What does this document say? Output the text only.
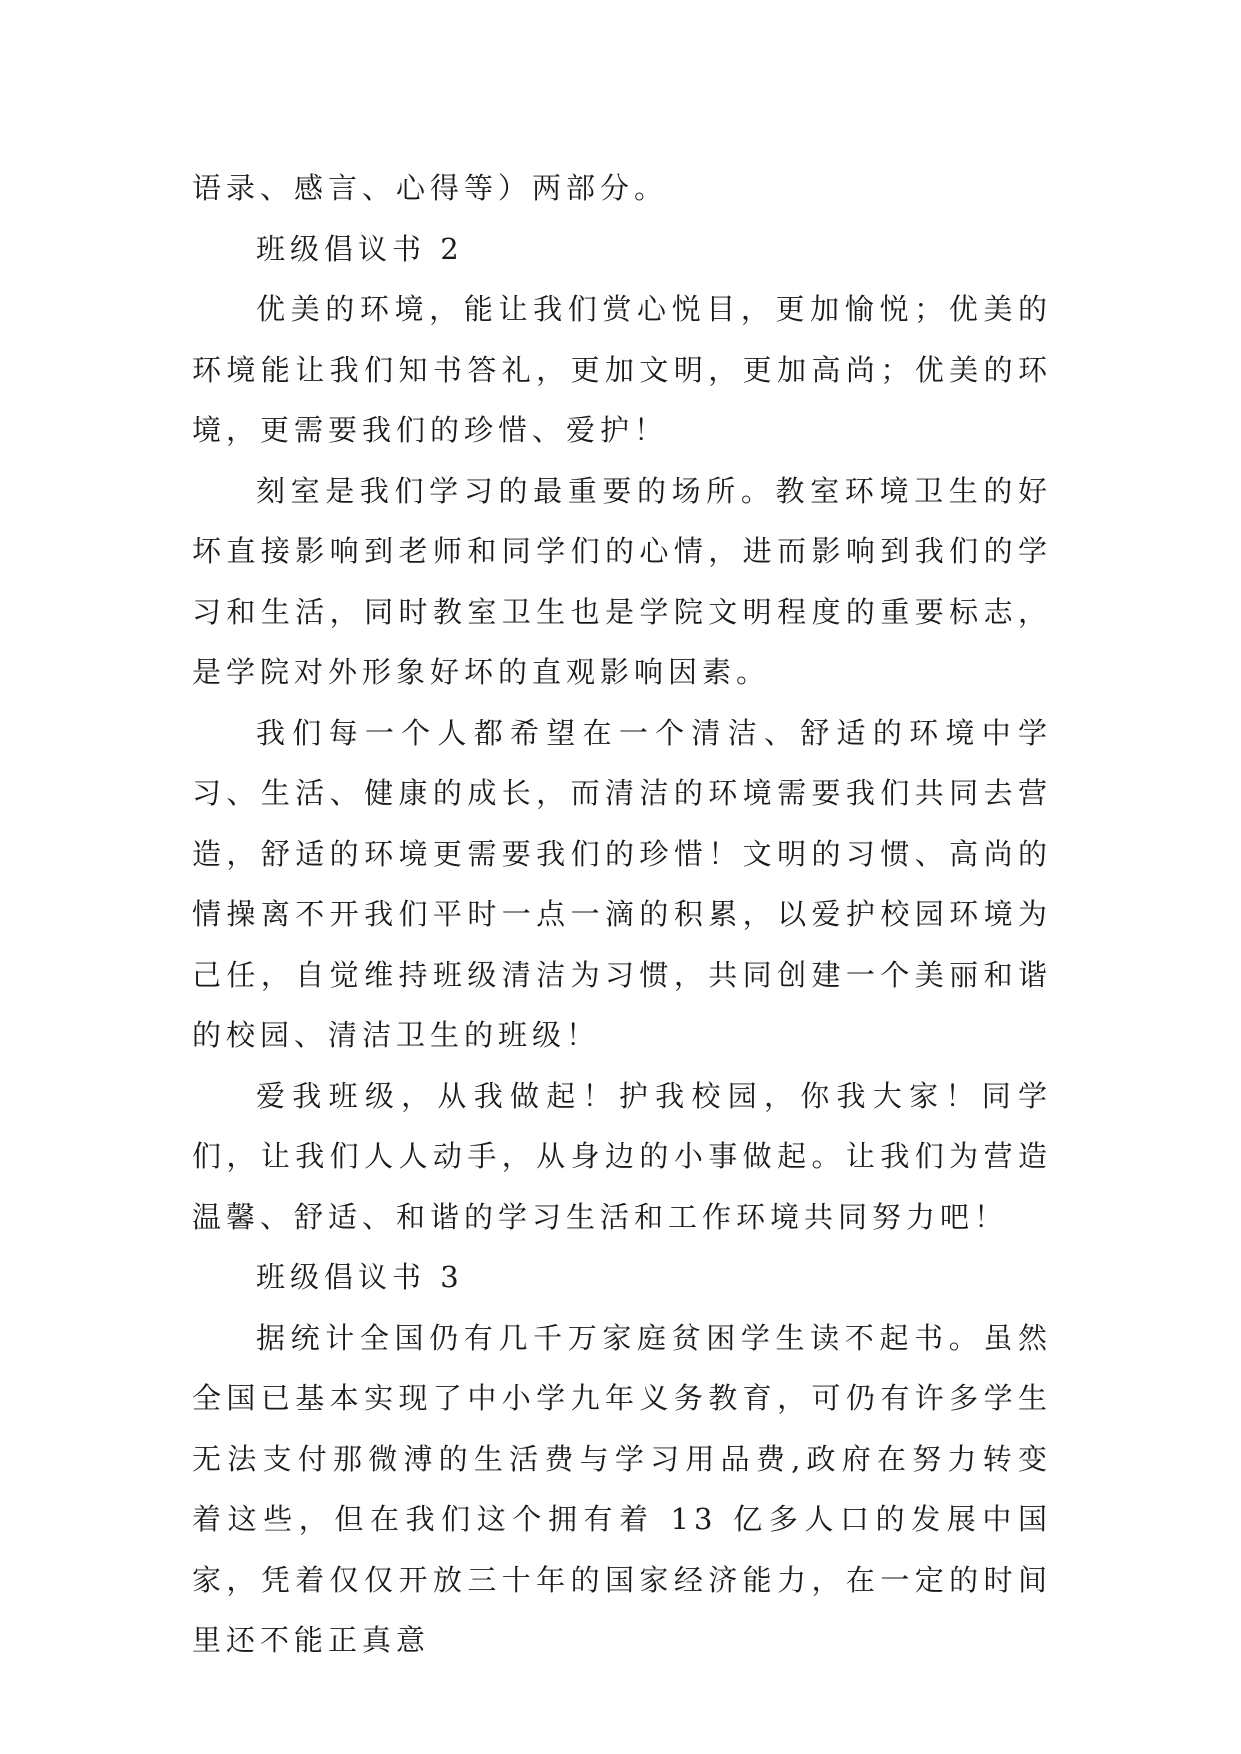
语录、感言、心得等）两部分。

班级倡议书 2

优美的环境，能让我们赏心悦目，更加愉悦；优美的环境能让我们知书答礼，更加文明，更加高尚；优美的环境，更需要我们的珍惜、爱护！

刻室是我们学习的最重要的场所。教室环境卫生的好坏直接影响到老师和同学们的心情，进而影响到我们的学习和生活，同时教室卫生也是学院文明程度的重要标志，是学院对外形象好坏的直观影响因素。

我们每一个人都希望在一个清洁、舒适的环境中学习、生活、健康的成长，而清洁的环境需要我们共同去营造，舒适的环境更需要我们的珍惜！文明的习惯、高尚的情操离不开我们平时一点一滴的积累，以爱护校园环境为己任，自觉维持班级清洁为习惯，共同创建一个美丽和谐的校园、清洁卫生的班级！

爱我班级，从我做起！护我校园，你我大家！同学们，让我们人人动手，从身边的小事做起。让我们为营造温馨、舒适、和谐的学习生活和工作环境共同努力吧！

班级倡议书 3

据统计全国仍有几千万家庭贫困学生读不起书。虽然全国已基本实现了中小学九年义务教育，可仍有许多学生无法支付那微溥的生活费与学习用品费,政府在努力转变着这些，但在我们这个拥有着 13 亿多人口的发展中国家，凭着仅仅开放三十年的国家经济能力，在一定的时间里还不能正真意
